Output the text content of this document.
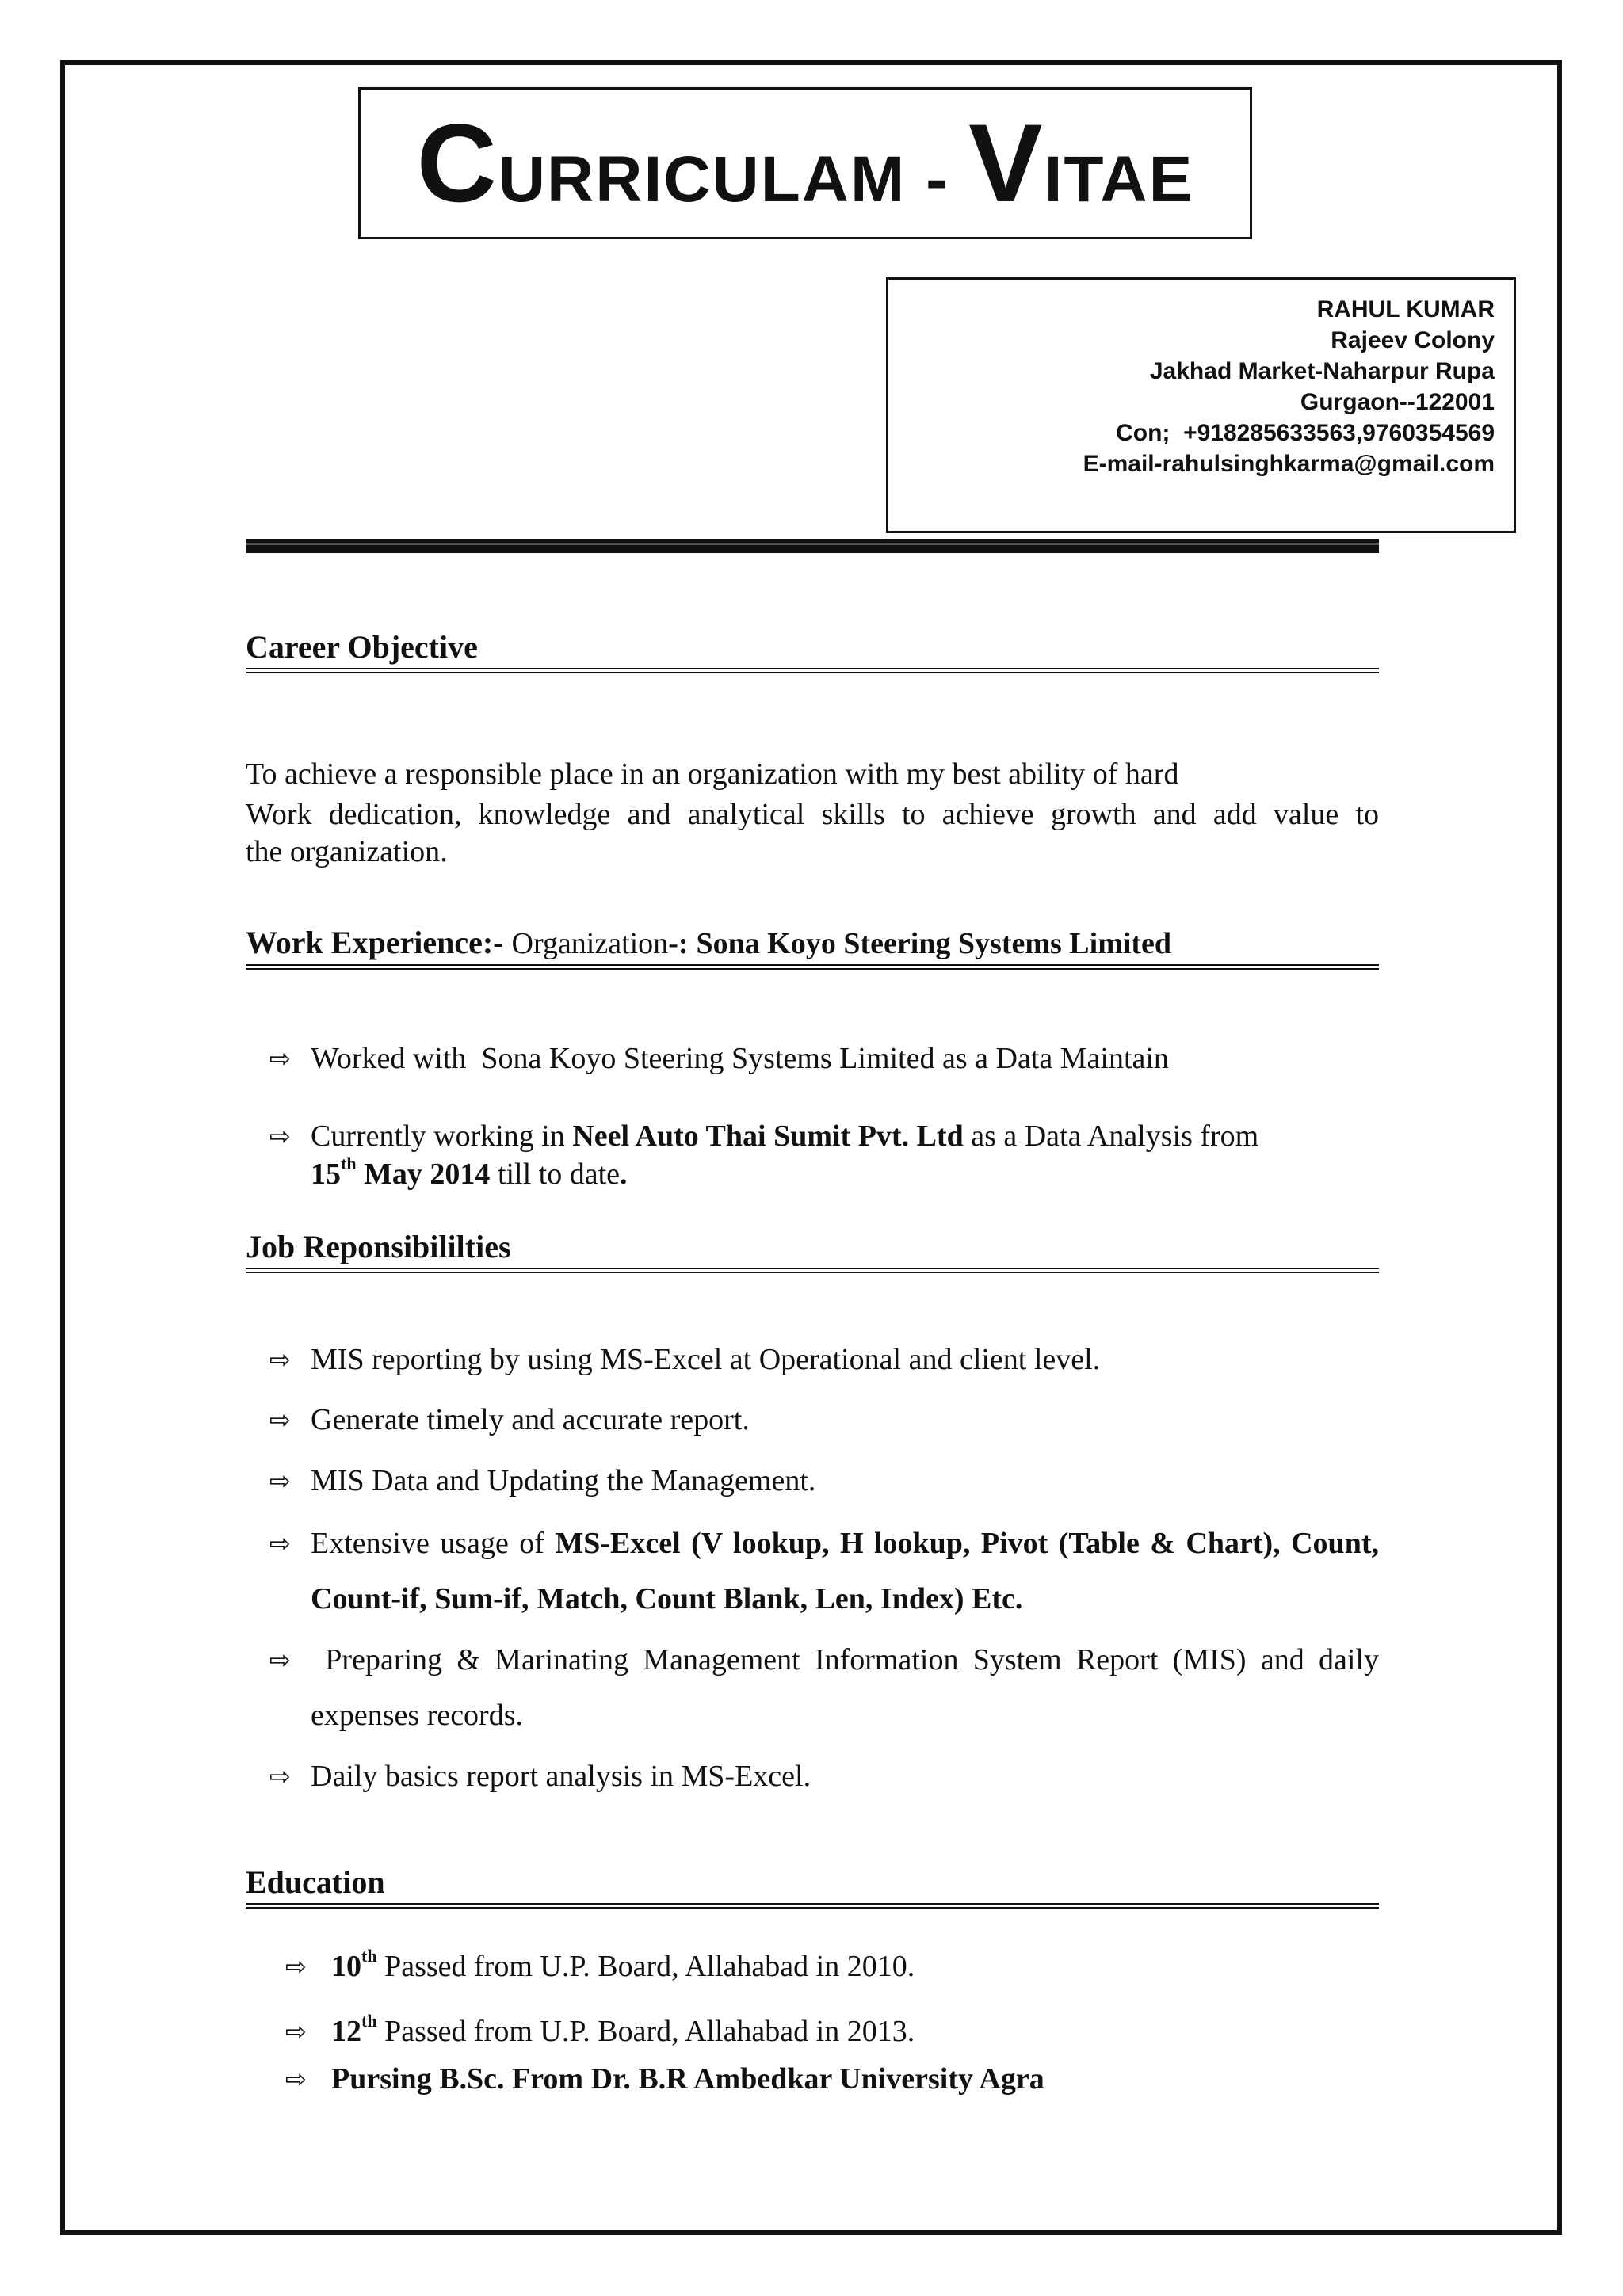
CURRICULAM - VITAE
RAHUL KUMAR
Rajeev Colony
Jakhad Market-Naharpur Rupa
Gurgaon--122001
Con;  +918285633563,9760354569
E-mail-rahulsinghkarma@gmail.com
Career Objective
To achieve a responsible place in an organization with my best ability of hard
Work dedication, knowledge and analytical skills to achieve growth and add value to
the organization.
Work Experience:- Organization-: Sona Koyo Steering Systems Limited
⇨ Worked with  Sona Koyo Steering Systems Limited as a Data Maintain
⇨ Currently working in Neel Auto Thai Sumit Pvt. Ltd as a Data Analysis from
15th May 2014 till to date.
Job Reponsibililties
⇨ MIS reporting by using MS-Excel at Operational and client level.
⇨ Generate timely and accurate report.
⇨ MIS Data and Updating the Management.
⇨ Extensive usage of MS-Excel (V lookup, H lookup, Pivot (Table & Chart), Count, Count-if, Sum-if, Match, Count Blank, Len, Index) Etc.
⇨ Preparing & Marinating Management Information System Report (MIS) and daily expenses records.
⇨ Daily basics report analysis in MS-Excel.
Education
⇨ 10th Passed from U.P. Board, Allahabad in 2010.
⇨ 12th Passed from U.P. Board, Allahabad in 2013.
⇨ Pursing B.Sc. From Dr. B.R Ambedkar University Agra
